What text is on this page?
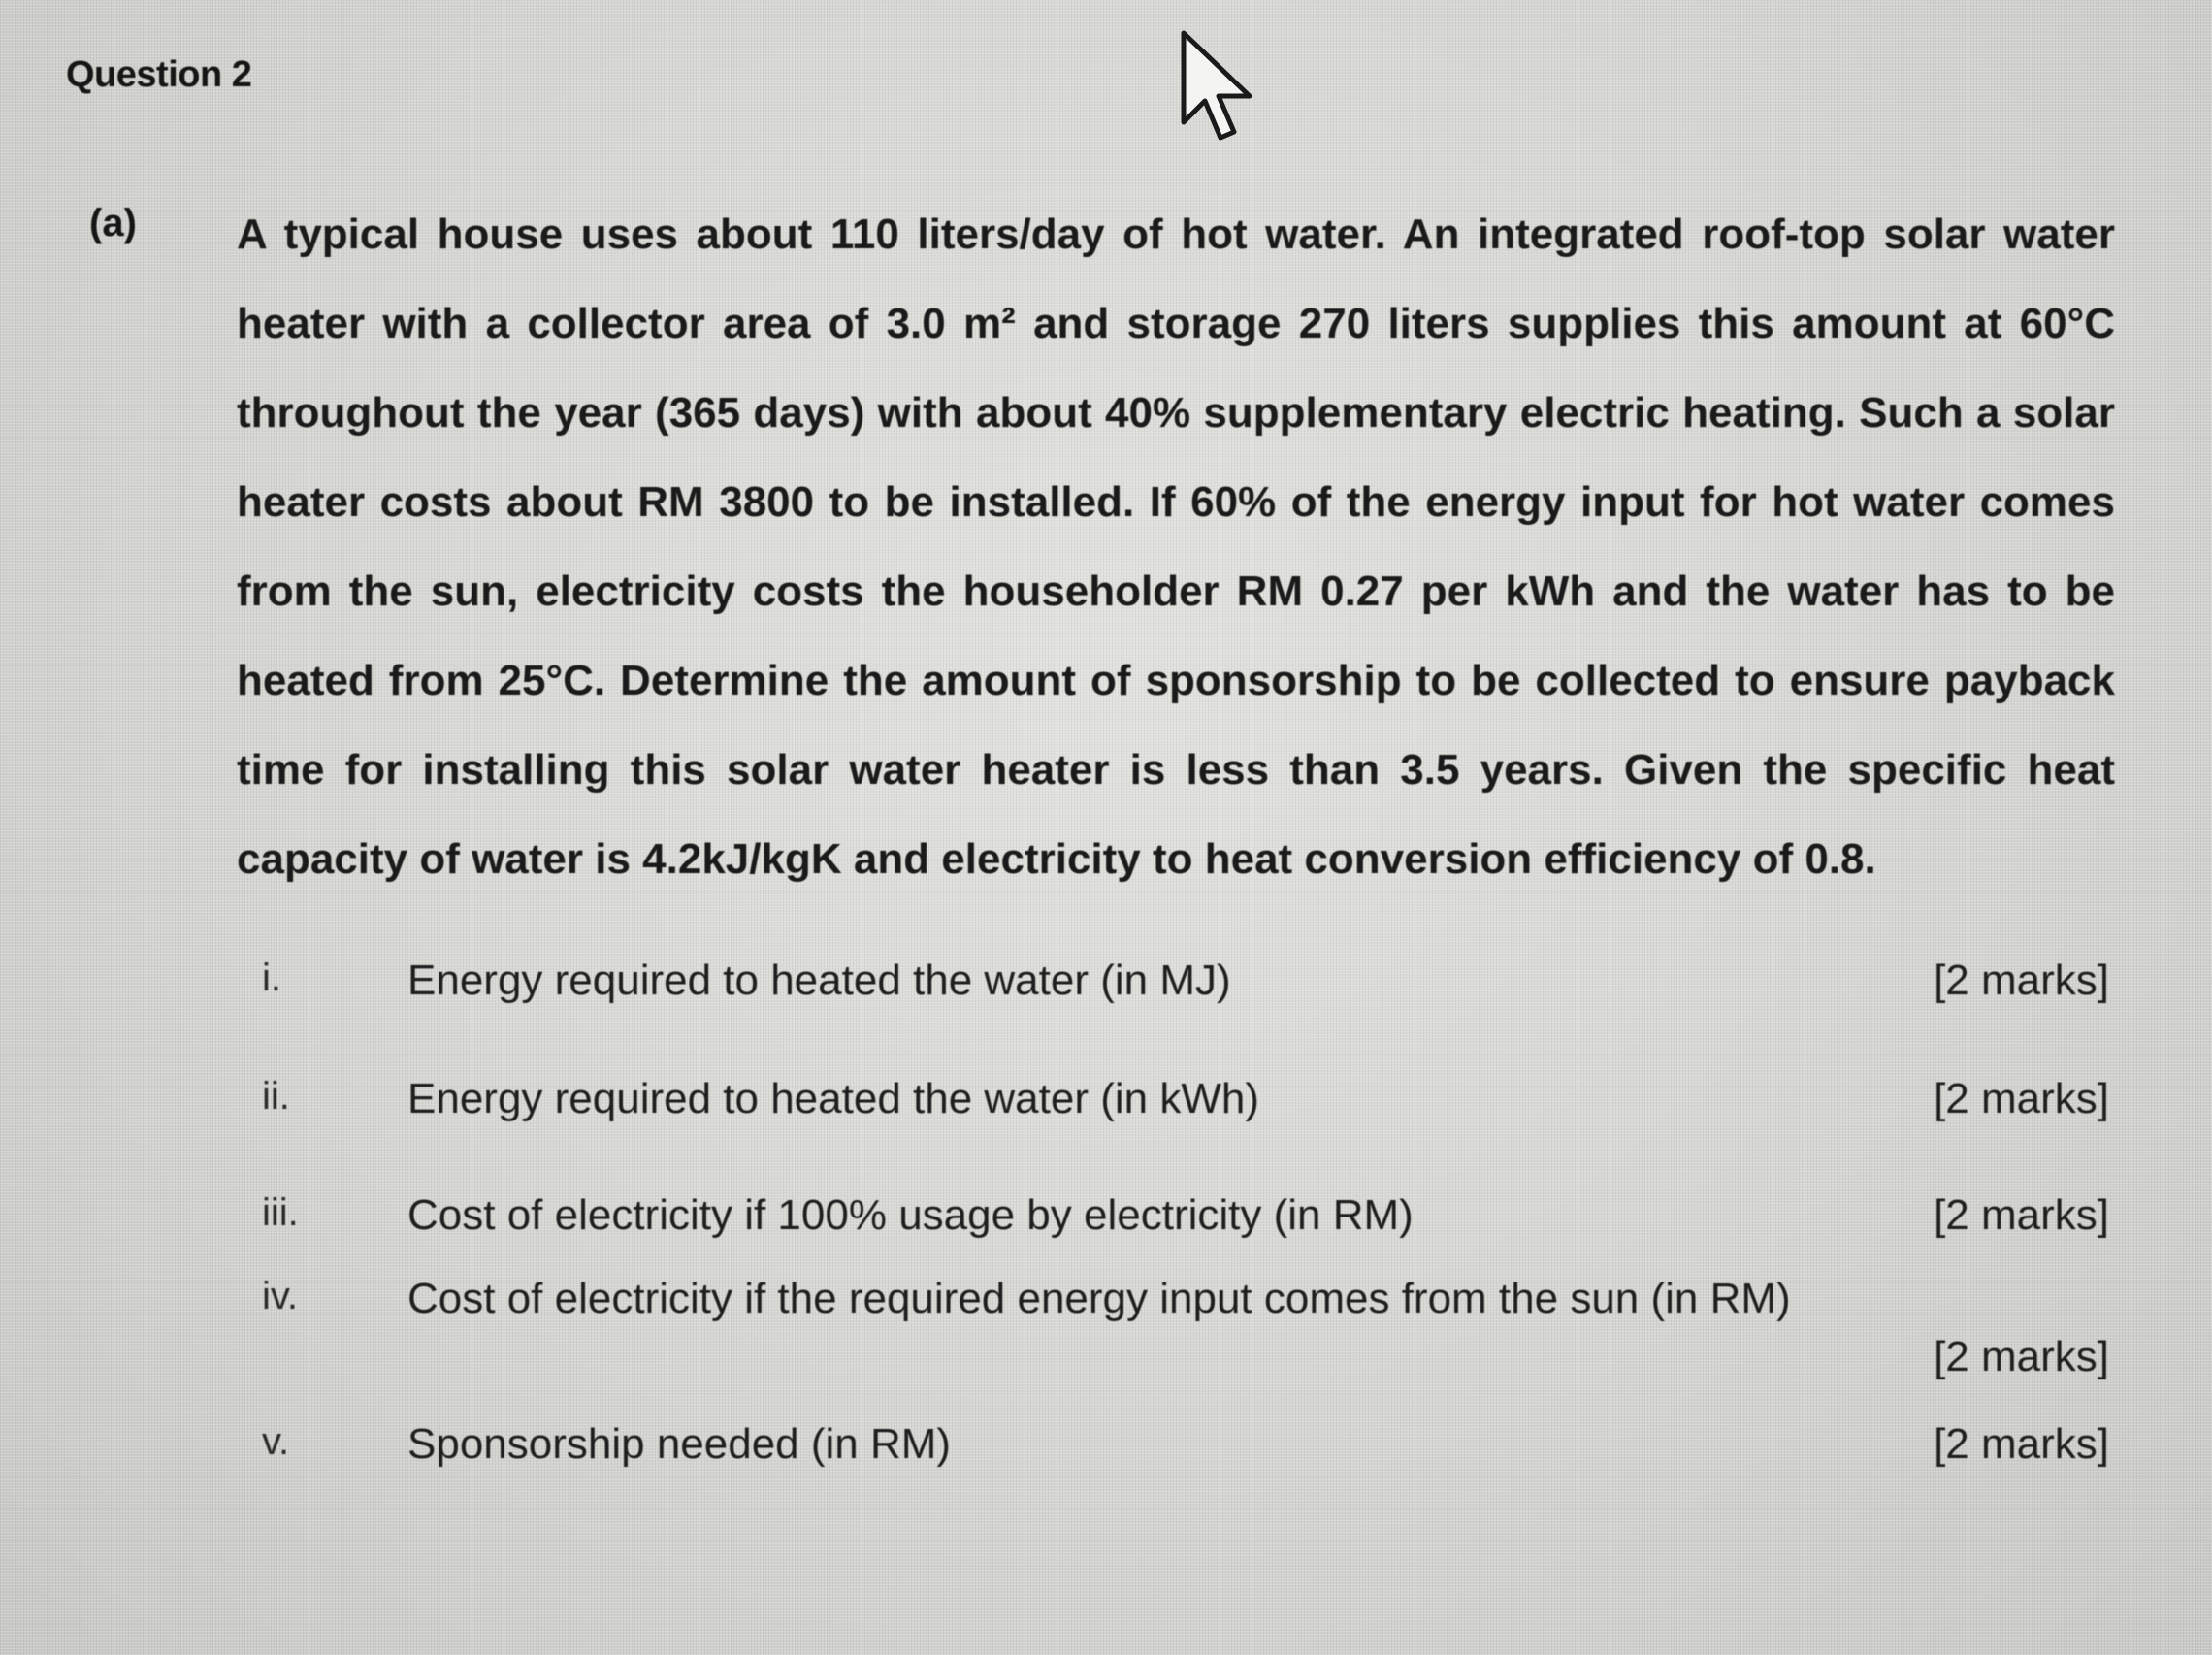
Question 2
(a) A typical house uses about 110 liters/day of hot water. An integrated roof-top solar water heater with a collector area of 3.0 m² and storage 270 liters supplies this amount at 60°C throughout the year (365 days) with about 40% supplementary electric heating. Such a solar heater costs about RM 3800 to be installed. If 60% of the energy input for hot water comes from the sun, electricity costs the householder RM 0.27 per kWh and the water has to be heated from 25°C. Determine the amount of sponsorship to be collected to ensure payback time for installing this solar water heater is less than 3.5 years. Given the specific heat capacity of water is 4.2kJ/kgK and electricity to heat conversion efficiency of 0.8.

i.	Energy required to heated the water (in MJ)	[2 marks]
ii.	Energy required to heated the water (in kWh)	[2 marks]
iii.	Cost of electricity if 100% usage by electricity (in RM)	[2 marks]
iv.	Cost of electricity if the required energy input comes from the sun (in RM)
[2 marks]
v.	Sponsorship needed (in RM)	[2 marks]
